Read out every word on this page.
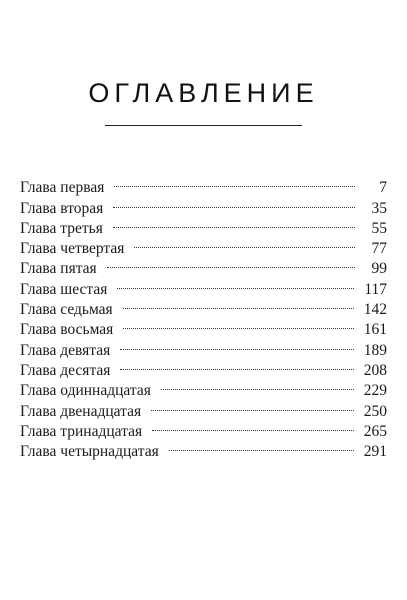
ОГЛАВЛЕНИЕ
Глава первая	7
Глава вторая	35
Глава третья	55
Глава четвертая	77
Глава пятая	99
Глава шестая	117
Глава седьмая	142
Глава восьмая	161
Глава девятая	189
Глава десятая	208
Глава одиннадцатая	229
Глава двенадцатая	250
Глава тринадцатая	265
Глава четырнадцатая	291
